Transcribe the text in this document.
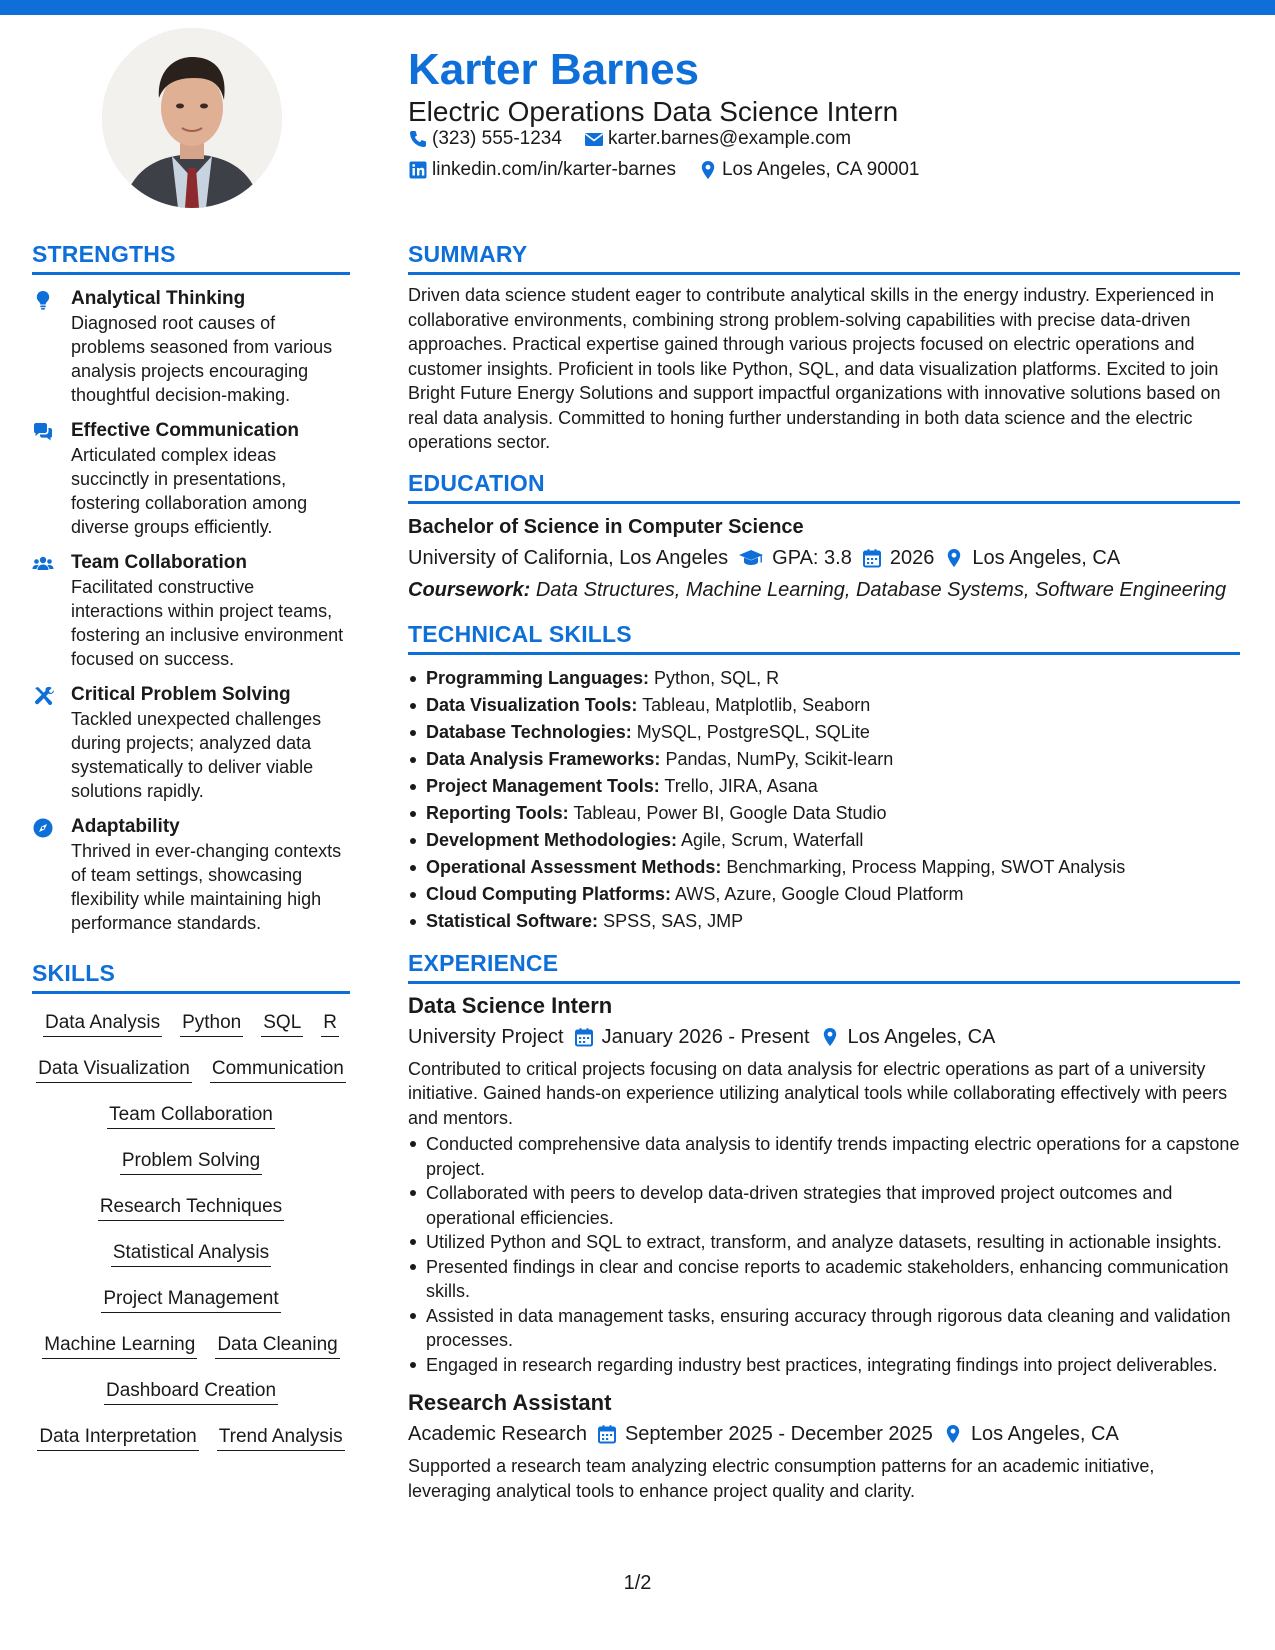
Karter Barnes
Electric Operations Data Science Intern
(323) 555-1234 karter.barnes@example.com
linkedin.com/in/karter-barnes Los Angeles, CA 90001
STRENGTHS
Analytical Thinking
Diagnosed root causes of problems seasoned from various analysis projects encouraging thoughtful decision-making.
Effective Communication
Articulated complex ideas succinctly in presentations, fostering collaboration among diverse groups efficiently.
Team Collaboration
Facilitated constructive interactions within project teams, fostering an inclusive environment focused on success.
Critical Problem Solving
Tackled unexpected challenges during projects; analyzed data systematically to deliver viable solutions rapidly.
Adaptability
Thrived in ever-changing contexts of team settings, showcasing flexibility while maintaining high performance standards.
SKILLS
Data Analysis Python SQL R
Data Visualization Communication
Team Collaboration
Problem Solving
Research Techniques
Statistical Analysis
Project Management
Machine Learning Data Cleaning
Dashboard Creation
Data Interpretation Trend Analysis
SUMMARY
Driven data science student eager to contribute analytical skills in the energy industry. Experienced in collaborative environments, combining strong problem-solving capabilities with precise data-driven approaches. Practical expertise gained through various projects focused on electric operations and customer insights. Proficient in tools like Python, SQL, and data visualization platforms. Excited to join Bright Future Energy Solutions and support impactful organizations with innovative solutions based on real data analysis. Committed to honing further understanding in both data science and the electric operations sector.
EDUCATION
Bachelor of Science in Computer Science
University of California, Los Angeles GPA: 3.8 2026 Los Angeles, CA
Coursework: Data Structures, Machine Learning, Database Systems, Software Engineering
TECHNICAL SKILLS
Programming Languages: Python, SQL, R
Data Visualization Tools: Tableau, Matplotlib, Seaborn
Database Technologies: MySQL, PostgreSQL, SQLite
Data Analysis Frameworks: Pandas, NumPy, Scikit-learn
Project Management Tools: Trello, JIRA, Asana
Reporting Tools: Tableau, Power BI, Google Data Studio
Development Methodologies: Agile, Scrum, Waterfall
Operational Assessment Methods: Benchmarking, Process Mapping, SWOT Analysis
Cloud Computing Platforms: AWS, Azure, Google Cloud Platform
Statistical Software: SPSS, SAS, JMP
EXPERIENCE
Data Science Intern
University Project January 2026 - Present Los Angeles, CA
Contributed to critical projects focusing on data analysis for electric operations as part of a university initiative. Gained hands-on experience utilizing analytical tools while collaborating effectively with peers and mentors.
Conducted comprehensive data analysis to identify trends impacting electric operations for a capstone project.
Collaborated with peers to develop data-driven strategies that improved project outcomes and operational efficiencies.
Utilized Python and SQL to extract, transform, and analyze datasets, resulting in actionable insights.
Presented findings in clear and concise reports to academic stakeholders, enhancing communication skills.
Assisted in data management tasks, ensuring accuracy through rigorous data cleaning and validation processes.
Engaged in research regarding industry best practices, integrating findings into project deliverables.
Research Assistant
Academic Research September 2025 - December 2025 Los Angeles, CA
Supported a research team analyzing electric consumption patterns for an academic initiative, leveraging analytical tools to enhance project quality and clarity.
1/2
